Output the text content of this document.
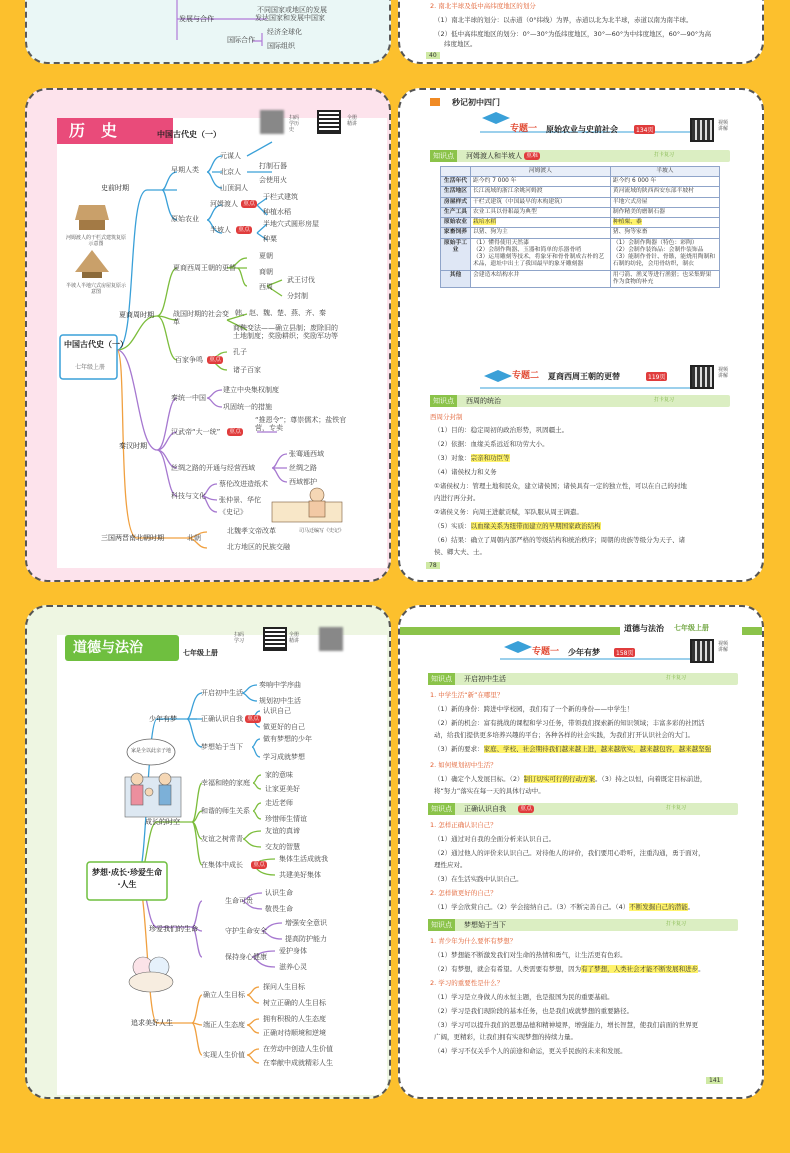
不同国家或地区的发展
发展与合作	发达国家和发展中国家
国际合作
经济全球化
国际组织
2. 南北半球及低中高纬度地区的划分
（1）南北半球的划分：以赤道（0°纬线）为界，赤道以北为北半球，赤道以南为南半球。
（2）低中高纬度地区的划分：0°—30°为低纬度地区，30°—60°为中纬度地区，60°—90°为高
纬度地区。
40
历　史	中国古代史（一）
扫码学历史
全册精讲
中国古代史（一）
七年级上册
史前时期
早期人类
元谋人
北京人
山顶洞人
打制石器
会使用火
原始农业
河姆渡人
半坡人
重点
重点
干栏式建筑
种植水稻
半地穴式圆形房屋
种粟
河姆渡人的干栏式建筑复原示意图
半坡人半地穴式房屋复原示意图
夏商周时期
夏商西周王朝的更替
夏朝
商朝
西周
武王讨伐
分封制
战国时期的社会变革
韩、赵、魏、楚、燕、齐、秦
商鞅变法——确立县制；废除旧的土地制度；奖励耕织；奖励军功等
百家争鸣	重点
孔子
诸子百家
秦汉时期
秦统一中国
建立中央集权制度
巩固统一的措施
汉武帝“大一统”	重点
“推恩令”；尊崇儒术；盐铁官营，专卖
丝绸之路的开通与经营西域
张骞通西域
丝绸之路
西域都护
科技与文化
蔡伦改进造纸术
张仲景、华佗
《史记》
司马迁编写《史记》
三国两晋南北朝时期	北朝
北魏孝文帝改革
北方地区的民族交融
秒记初中四门
专题一 原始农业与史前社会	134页
视频讲解
知识点	河姆渡人和半坡人 重难	打卡复习
	河姆渡人	半坡人
生活年代	距今约 7 000 年	距今约 6 000 年
生活地区	长江流域的浙江余姚河姆渡	黄河流域的陕西西安东部半坡村
房屋样式	干栏式建筑（中国最早的木构建筑）	半地穴式房屋
生产工具	农业工具以骨耜最为典型	制作精美的磨制石器
原始农业	栽培水稻	种植粟、黍
家畜饲养	以猪、狗为主	猪、狗等家畜
原始手工业	（1）懂得使用天然漆
（2）会制作陶器、玉器和简单的乐器骨哨
（3）运用雕刻等技术，将象牙和骨骨制成古朴的艺术品，遗址中出土了我国最早的象牙雕刻器	（1）会制作陶器（特色：彩陶）
（2）会制作装饰品：会制作装饰品
（3）能制作骨针、骨镞，能烧用陶制和石制的纺轮，会用骨纺织，制衣
其他	会建造木结构水井	用弓箭、渔叉等进行渔猎；也采集野果作为食物的补充
专题二 夏商西周王朝的更替	119页
视频讲解
知识点	西周的统治	打卡复习
西周分封制
（1）目的：稳定周初的政治形势，巩固疆土。
（2）依据：血缘关系远近和功劳大小。
（3）对象：宗亲和功臣等
（4）诸侯权力和义务
①诸侯权力：管理土地和民众，建立诸侯国；诸侯具有一定的独立性，可以在自己的封地
内进行再分封。
②诸侯义务：向周王进献贡赋，军队服从周王调遣。
（5）实质：以血缘关系为纽带而建立的早期国家政治结构
（6）结果：确立了周朝内部严格的等级结构和统治秩序；周朝的贵族等级分为天子、诸
侯、卿大夫、士。
78
道德与法治	七年级上册
扫码学习
全册精讲
梦想·成长·珍爱生命·人生
少年有梦
开启初中生活
奏响中学序曲
规划初中生活
正确认识自我 重点
认识自己
做更好的自己
梦想始于当下
做有梦想的少年
学习成就梦想
家是全以此亲子地
成长的时空
幸福和睦的家庭
家的意味
让家更美好
和谐的师生关系
走近老师
珍惜师生情谊
友谊之树常青
友谊的真谛
交友的智慧
在集体中成长	重点
集体生活成就我
共建美好集体
珍爱我们的生命
生命可贵
认识生命
敬畏生命
守护生命安全
增强安全意识
提高防护能力
保持身心健康
爱护身体
滋养心灵
追求美好人生
确立人生目标
探问人生目标
树立正确的人生目标
端正人生态度
拥有积极的人生态度
正确对待顺境和逆境
实现人生价值
在劳动中创造人生价值
在奉献中成就精彩人生
道德与法治 七年级上册
专题一 少年有梦	158页
视频讲解
知识点	开启初中生活	打卡复习
1. 中学生活“新”在哪里？
（1）新的身份：跨进中学校园，我们有了一个新的身份——中学生！
（2）新的机会：富有挑战的课程和学习任务，带领我们探索新的知识领域；丰富多彩的社团活
动，给我们提供更多培养兴趣的平台；各种各样的社会实践，为我们打开认识社会的大门。
（3）新的要求：家庭、学校、社会期待我们越来越上进，越来越欣实，越来越包容，越来越坚强
2. 如何规划初中生活？
（1）确定个人发展目标。（2）制订切实可行的行动方案。（3）持之以恒，向着既定目标前进，
将“努力”落实在每一天的具体行动中。
知识点	正确认识自我	重点	打卡复习
1. 怎样正确认识自己？
（1）通过对自我的全面分析来认识自己。
（2）通过他人的评价来认识自己。对待他人的评价，我们要用心聆听，注重沟通，勇于面对，
理性应对。
（3）在生活实践中认识自己。
2. 怎样做更好的自己？
（1）学会欣赏自己。（2）学会接纳自己。（3）不断完善自己。（4）不断发掘自己的潜能。
知识点	梦想始于当下	打卡复习
1. 青少年为什么要怀有梦想？
（1）梦想能不断激发我们对生命的热情和勇气，让生活更有色彩。
（2）有梦想，就会有希望。人类需要有梦想，因为有了梦想，人类社会才能不断发展和进步。
2. 学习的重要性是什么？
（1）学习是立身做人的永恒主题，也是报国为民的重要基础。
（2）学习是我们现阶段的基本任务，也是我们成就梦想的重要路径。
（3）学习可以提升我们的思想品德和精神境界，增强能力，增长智慧，使我们前面的世界更
广阔，更精彩，让我们拥有实现梦想的持续力量。
（4）学习不仅关乎个人的前途和命运，更关乎民族的未来和发展。
141
